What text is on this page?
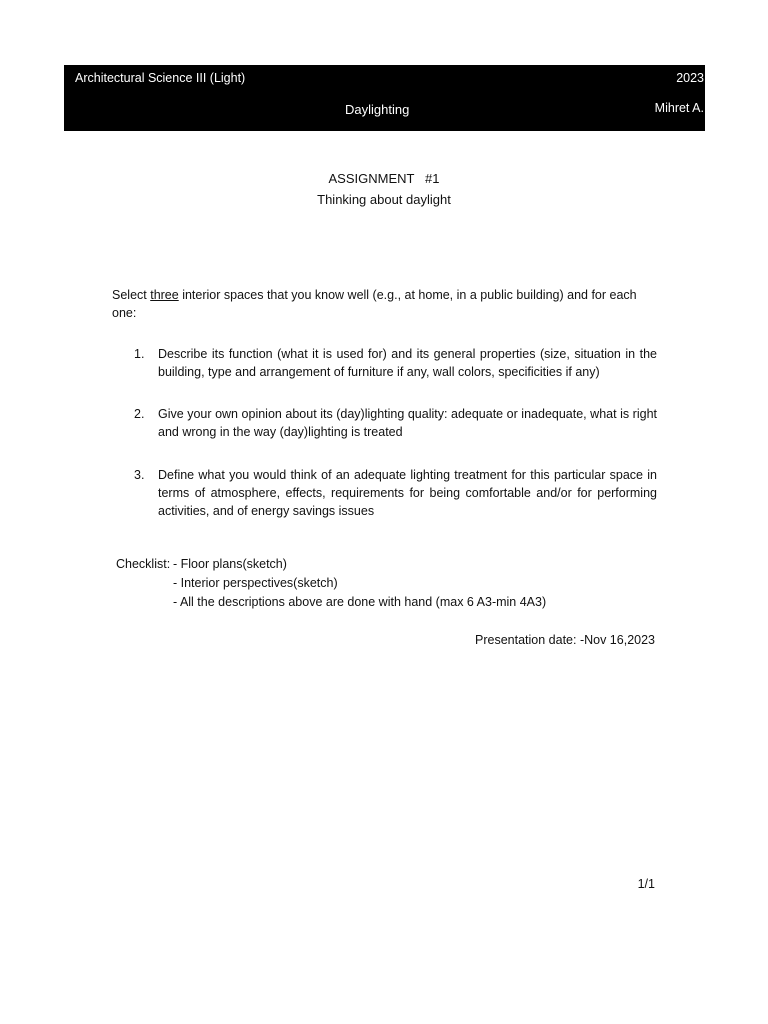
Architectural Science III (Light)	2023
Daylighting	Mihret A.
ASSIGNMENT   #1
Thinking about daylight
Select three interior spaces that you know well (e.g., at home, in a public building) and for each one:
1. Describe its function (what it is used for) and its general properties (size, situation in the building, type and arrangement of furniture if any, wall colors, specificities if any)
2. Give your own opinion about its (day)lighting quality: adequate or inadequate, what is right and wrong in the way (day)lighting is treated
3. Define what you would think of an adequate lighting treatment for this particular space in terms of atmosphere, effects, requirements for being comfortable and/or for performing activities, and of energy savings issues
Checklist: - Floor plans(sketch)
- Interior perspectives(sketch)
- All the descriptions above are done with hand (max 6 A3-min 4A3)
Presentation date: -Nov 16,2023
1/1
